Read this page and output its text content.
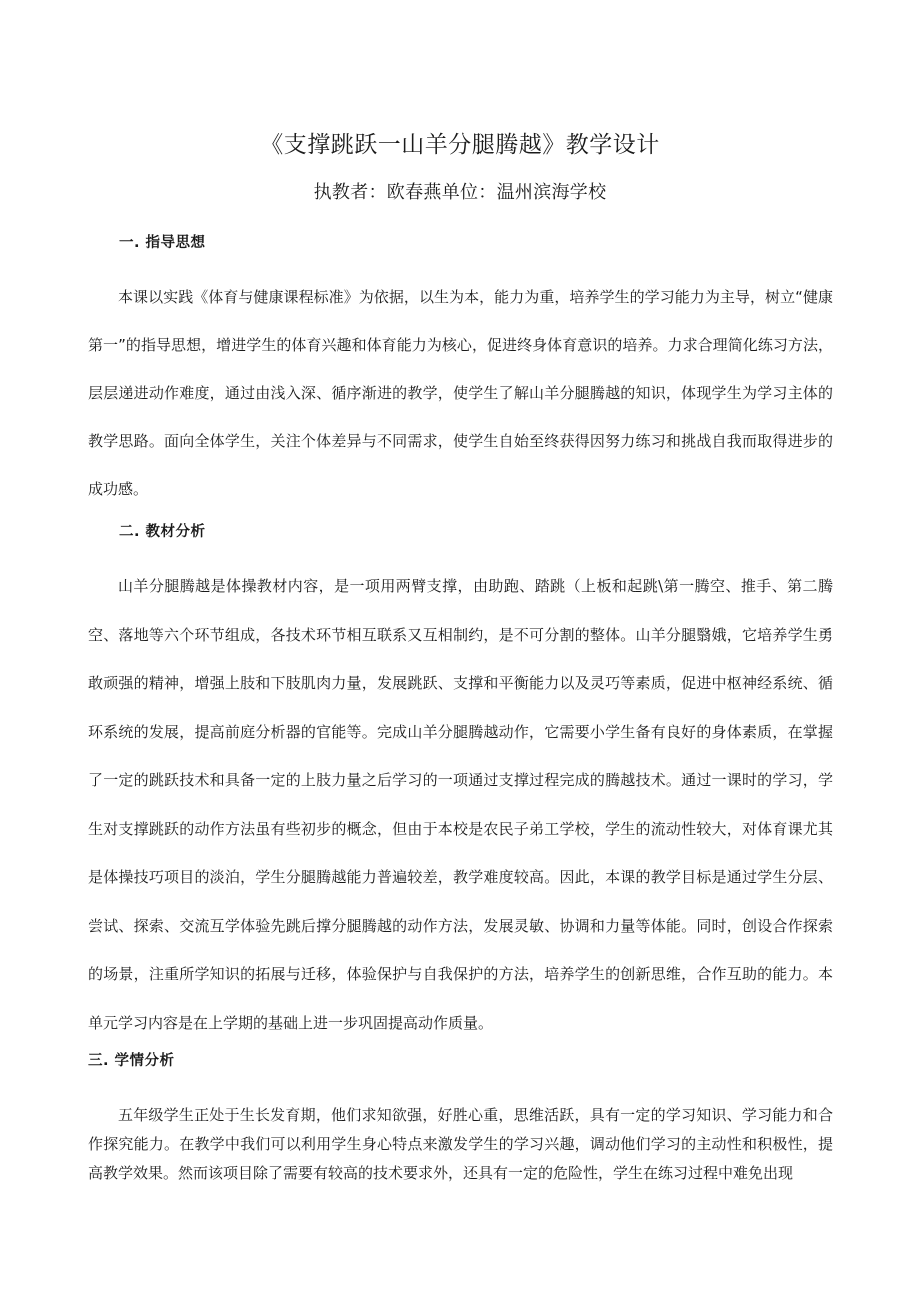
《支撑跳跃一山羊分腿腾越》教学设计
执教者：欧春燕单位：温州滨海学校
一. 指导思想

本课以实践《体育与健康课程标准》为依据，以生为本，能力为重，培养学生的学习能力为主导，树立“健康第一”的指导思想，增进学生的体育兴趣和体育能力为核心，促进终身体育意识的培养。力求合理简化练习方法，层层递进动作难度，通过由浅入深、循序渐进的教学，使学生了解山羊分腿腾越的知识，体现学生为学习主体的教学思路。面向全体学生，关注个体差异与不同需求，使学生自始至终获得因努力练习和挑战自我而取得进步的成功感。

二. 教材分析

山羊分腿腾越是体操教材内容，是一项用两臂支撑，由助跑、踏跳（上板和起跳\第一腾空、推手、第二腾空、落地等六个环节组成，各技术环节相互联系又互相制约，是不可分割的整体。山羊分腿翳娥，它培养学生勇敢顽强的精神，增强上肢和下肢肌肉力量，发展跳跃、支撑和平衡能力以及灵巧等素质，促进中枢神经系统、循环系统的发展，提高前庭分析器的官能等。完成山羊分腿腾越动作，它需要小学生备有良好的身体素质，在掌握了一定的跳跃技术和具备一定的上肢力量之后学习的一项通过支撑过程完成的腾越技术。通过一课时的学习，学生对支撑跳跃的动作方法虽有些初步的概念，但由于本校是农民子弟工学校，学生的流动性较大，对体育课尤其是体操技巧项目的淡泊，学生分腿腾越能力普遍较差，教学难度较高。因此，本课的教学目标是通过学生分层、尝试、探索、交流互学体验先跳后撑分腿腾越的动作方法，发展灵敏、协调和力量等体能。同时，创设合作探索的场景，注重所学知识的拓展与迁移，体验保护与自我保护的方法，培养学生的创新思维，合作互助的能力。本单元学习内容是在上学期的基础上进一步巩固提高动作质量。

三. 学情分析

五年级学生正处于生长发育期，他们求知欲强，好胜心重，思维活跃，具有一定的学习知识、学习能力和合作探究能力。在教学中我们可以利用学生身心特点来激发学生的学习兴趣，调动他们学习的主动性和积极性，提高教学效果。然而该项目除了需要有较高的技术要求外，还具有一定的危险性，学生在练习过程中难免出现
